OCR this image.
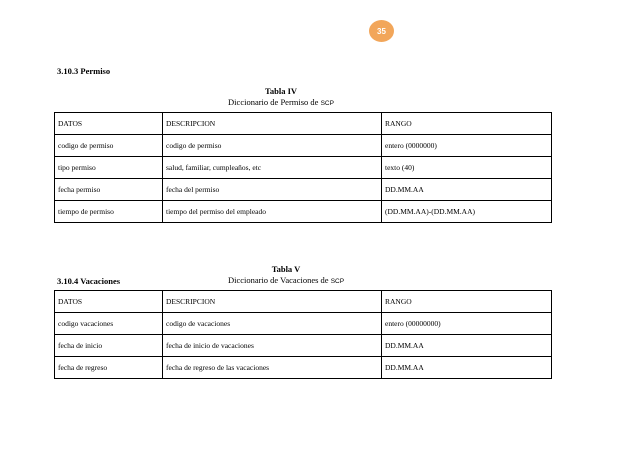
35
3.10.3 Permiso
Tabla IV
Diccionario de Permiso de SCP
DATOS	DESCRIPCION	RANGO
codigo de permiso	codigo de permiso	entero (0000000)
tipo permiso	salud, familiar, cumpleaños, etc	texto (40)
fecha permiso	fecha del permiso	DD.MM.AA
tiempo de permiso	tiempo del permiso del empleado	(DD.MM.AA)-(DD.MM.AA)
Tabla V
Diccionario de Vacaciones de SCP
3.10.4 Vacaciones
DATOS	DESCRIPCION	RANGO
codigo vacaciones	codigo de vacaciones	entero (00000000)
fecha de inicio	fecha de inicio de vacaciones	DD.MM.AA
fecha de regreso	fecha de regreso de las vacaciones	DD.MM.AA
